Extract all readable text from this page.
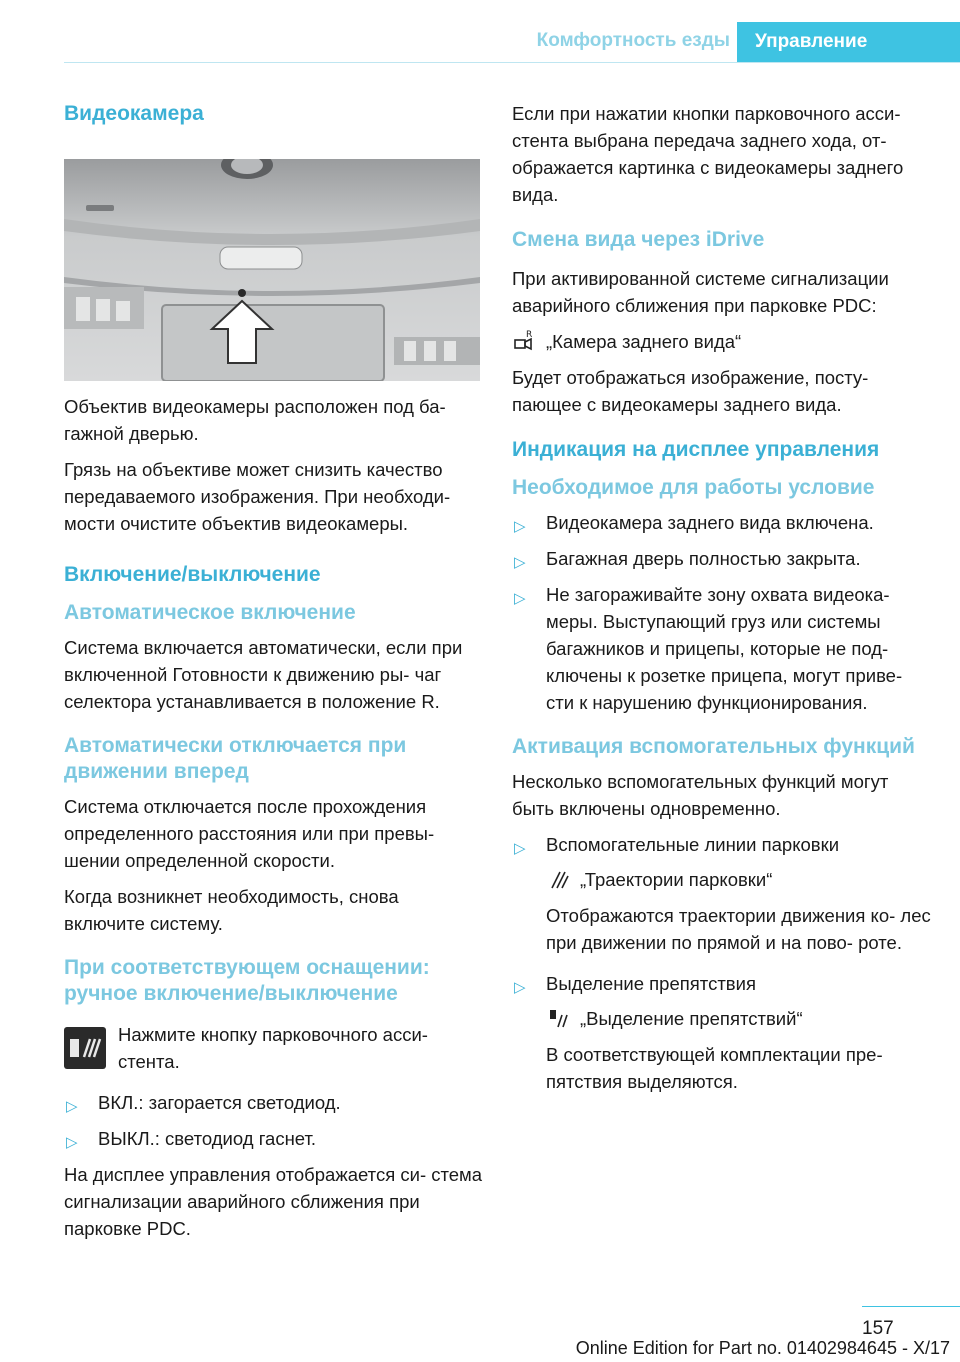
Комфортность езды	Управление
Видеокамера

Объектив видеокамеры расположен под ба‐ гажной дверью.

Грязь на объективе может снизить качество передаваемого изображения. При необходи‐ мости очистите объектив видеокамеры.

Включение/выключение
Автоматическое включение

Система включается автоматически, если при включенной Готовности к движению ры‐ чаг селектора устанавливается в положение R.

Автоматически отключается при движении вперед

Система отключается после прохождения определенного расстояния или при превы‐ шении определенной скорости.

Когда возникнет необходимость, снова включите систему.

При соответствующем оснащении: ручное включение/выключение
Нажмите кнопку парковочного асси‐ стента.
▷ ВКЛ.: загорается светодиод.
▷ ВЫКЛ.: светодиод гаснет.

На дисплее управления отображается си‐ стема сигнализации аварийного сближения при парковке PDC.

Если при нажатии кнопки парковочного асси‐ стента выбрана передача заднего хода, от‐ ображается картинка с видеокамеры заднего вида.

Смена вида через iDrive

При активированной системе сигнализации аварийного сближения при парковке PDC:

R „Камера заднего вида“

Будет отображаться изображение, посту‐ пающее с видеокамеры заднего вида.

Индикация на дисплее управления
Необходимое для работы условие
▷ Видеокамера заднего вида включена.
▷ Багажная дверь полностью закрыта.
▷ Не загораживайте зону охвата видеока‐ меры. Выступающий груз или системы багажников и прицепы, которые не под‐ ключены к розетке прицепа, могут приве‐ сти к нарушению функционирования.
Активация вспомогательных функций

Несколько вспомогательных функций могут быть включены одновременно.

▷ Вспомогательные линии парковки
„Траектории парковки“
Отображаются траектории движения ко‐ лес при движении по прямой и на пово‐ роте.
▷ Выделение препятствия
„Выделение препятствий“
В соответствующей комплектации пре‐ пятствия выделяются.
157
Online Edition for Part no. 01402984645 - X/17
